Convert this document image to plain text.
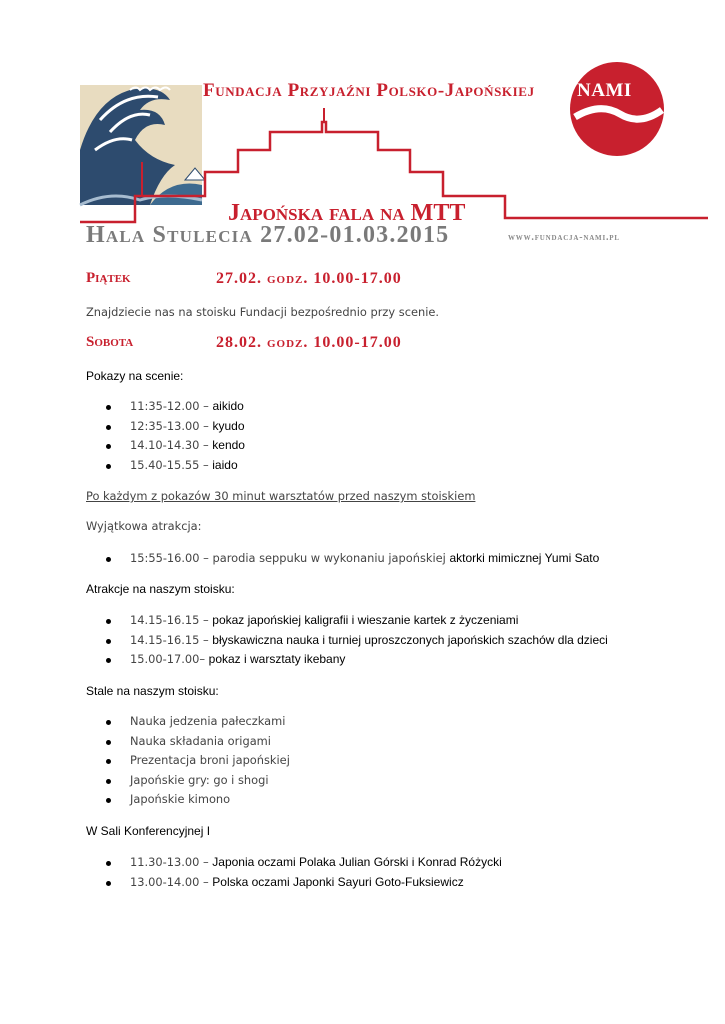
Fundacja Przyjaźni Polsko-Japońskiej NAMI
Japońska fala na MTT
Hala Stulecia 27.02-01.03.2015	www.fundacja-nami.pl
Piątek	27.02. godz. 10.00-17.00
Znajdziecie nas na stoisku Fundacji bezpośrednio przy scenie.
Sobota	28.02. godz. 10.00-17.00
Pokazy na scenie:
11:35-12.00 – aikido
12:35-13.00 – kyudo
14.10-14.30 – kendo
15.40-15.55 – iaido
Po każdym z pokazów 30 minut warsztatów przed naszym stoiskiem
Wyjątkowa atrakcja:
15:55-16.00 – parodia seppuku w wykonaniu japońskiej aktorki mimicznej Yumi Sato
Atrakcje na naszym stoisku:
14.15-16.15 – pokaz japońskiej kaligrafii i wieszanie kartek z życzeniami
14.15-16.15 – błyskawiczna nauka i turniej uproszczonych japońskich szachów dla dzieci
15.00-17.00– pokaz i warsztaty ikebany
Stale na naszym stoisku:
Nauka jedzenia pałeczkami
Nauka składania origami
Prezentacja broni japońskiej
Japońskie gry: go i shogi
Japońskie kimono
W Sali Konferencyjnej I
11.30-13.00 – Japonia oczami Polaka Julian Górski i Konrad Różycki
13.00-14.00 – Polska oczami Japonki Sayuri Goto-Fuksiewicz
